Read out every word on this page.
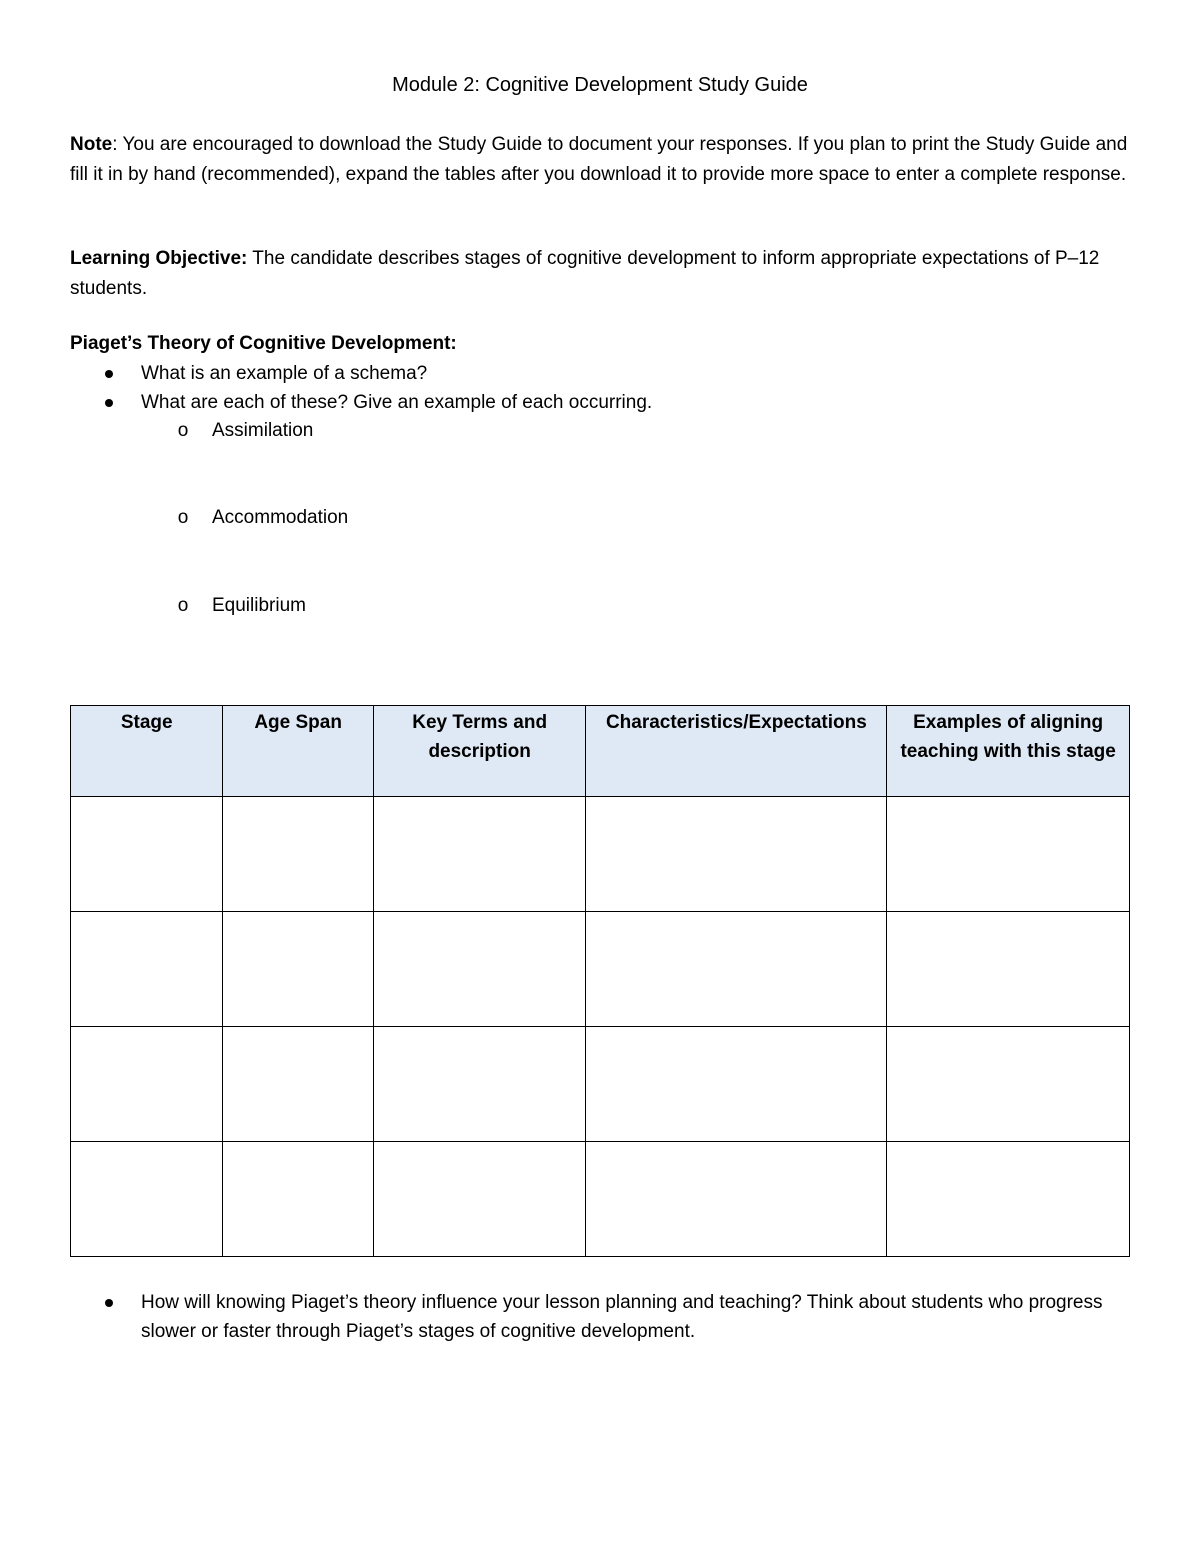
Module 2: Cognitive Development Study Guide
Note: You are encouraged to download the Study Guide to document your responses. If you plan to print the Study Guide and fill it in by hand (recommended), expand the tables after you download it to provide more space to enter a complete response.
Learning Objective: The candidate describes stages of cognitive development to inform appropriate expectations of P–12 students.
Piaget’s Theory of Cognitive Development:
What is an example of a schema?
What are each of these? Give an example of each occurring.
o Assimilation
o Accommodation
o Equilibrium
Stage	Age Span	Key Terms and description	Characteristics/Expectations	Examples of aligning teaching with this stage

How will knowing Piaget’s theory influence your lesson planning and teaching? Think about students who progress slower or faster through Piaget’s stages of cognitive development.
